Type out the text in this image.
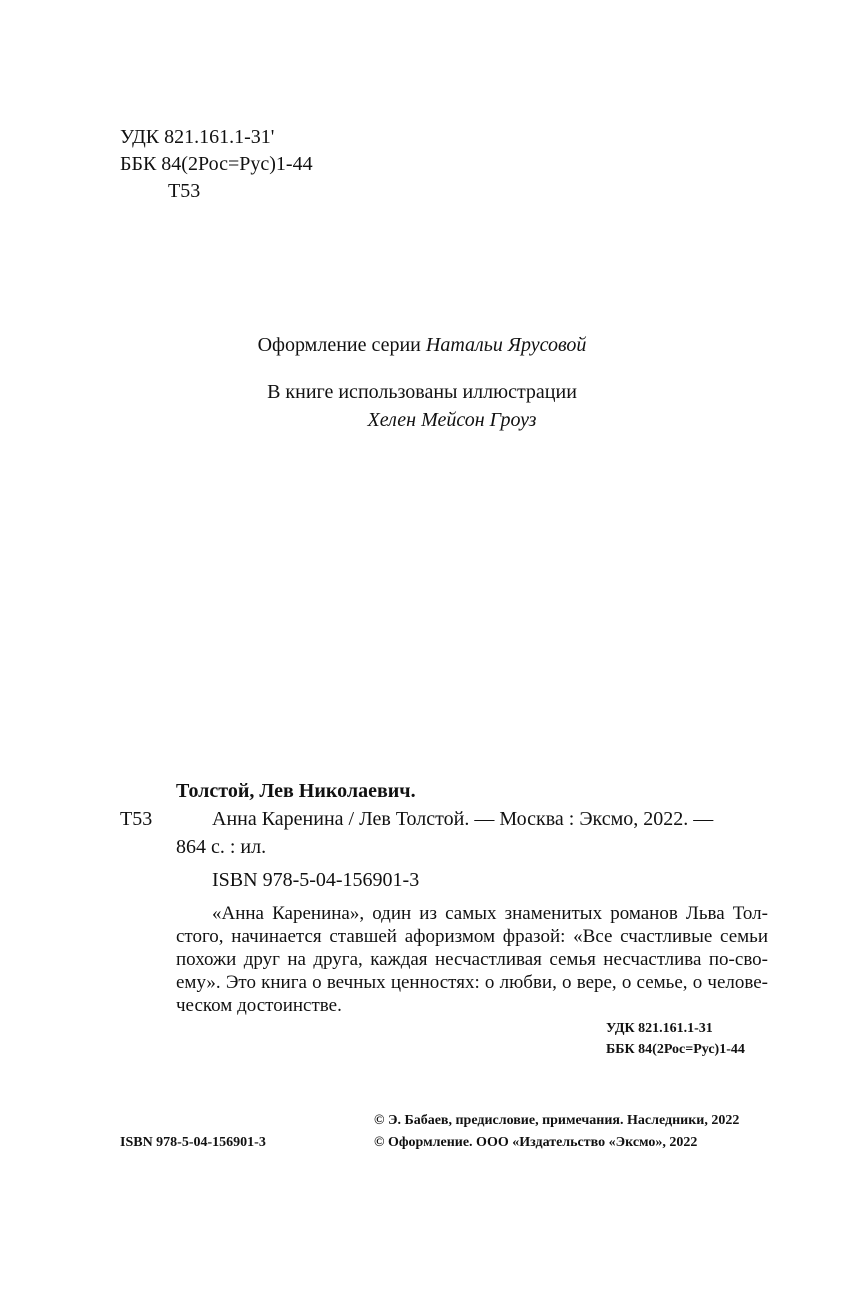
УДК 821.161.1-31'
ББК 84(2Рос=Рус)1-44
Т53
Оформление серии Натальи Ярусовой
В книге использованы иллюстрации
Хелен Мейсон Гроуз
Толстой, Лев Николаевич.
Т53	Анна Каренина / Лев Толстой. — Москва : Эксмо, 2022. —
864 с. : ил.
ISBN 978-5-04-156901-3
«Анна Каренина», один из самых знаменитых романов Льва Тол-
стого, начинается ставшей афоризмом фразой: «Все счастливые семьи
похожи друг на друга, каждая несчастливая семья несчастлива по-сво-
ему». Это книга о вечных ценностях: о любви, о вере, о семье, о челове-
ческом достоинстве.
УДК 821.161.1-31
ББК 84(2Рос=Рус)1-44
© Э. Бабаев, предисловие, примечания. Наследники, 2022
© Оформление. ООО «Издательство «Эксмо», 2022
ISBN 978-5-04-156901-3
